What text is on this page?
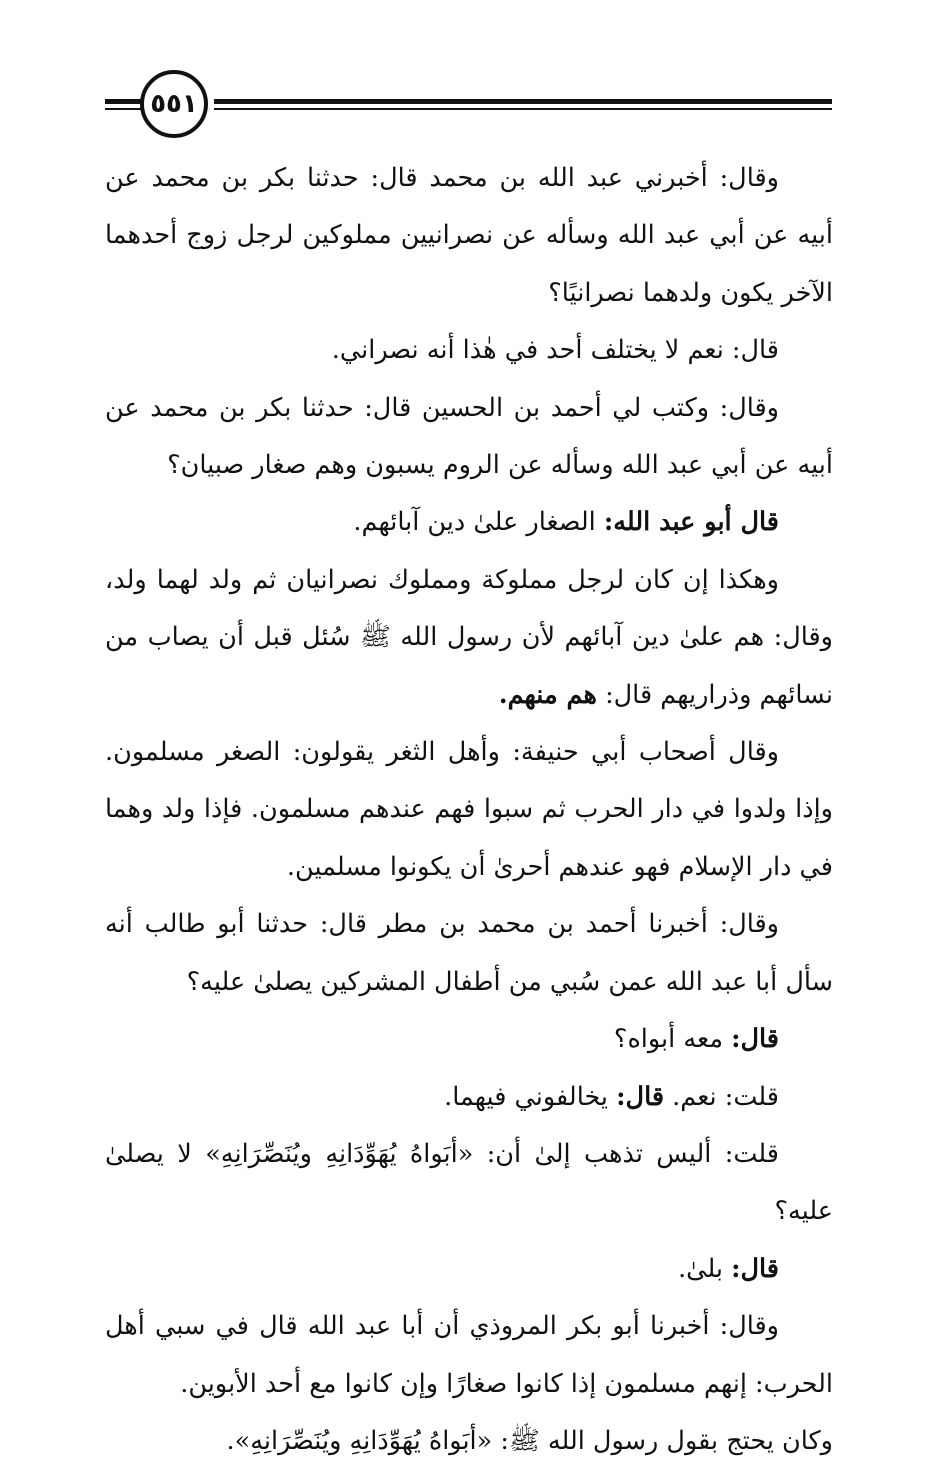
٥٥١

وقال: أخبرني عبد الله بن محمد قال: حدثنا بكر بن محمد عن أبيه عن أبي عبد الله وسأله عن نصرانيين مملوكين لرجل زوج أحدهما الآخر يكون ولدهما نصرانيًا؟

قال: نعم لا يختلف أحد في هٰذا أنه نصراني.

وقال: وكتب لي أحمد بن الحسين قال: حدثنا بكر بن محمد عن أبيه عن أبي عبد الله وسأله عن الروم يسبون وهم صغار صبيان؟

قال أبو عبد الله: الصغار علىٰ دين آبائهم.

وهكذا إن كان لرجل مملوكة ومملوك نصرانيان ثم ولد لهما ولد، وقال: هم علىٰ دين آبائهم لأن رسول الله ﷺ سُئل قبل أن يصاب من نسائهم وذراريهم قال: هم منهم.

وقال أصحاب أبي حنيفة: وأهل الثغر يقولون: الصغر مسلمون. وإذا ولدوا في دار الحرب ثم سبوا فهم عندهم مسلمون. فإذا ولد وهما في دار الإسلام فهو عندهم أحرىٰ أن يكونوا مسلمين.

وقال: أخبرنا أحمد بن محمد بن مطر قال: حدثنا أبو طالب أنه سأل أبا عبد الله عمن سُبي من أطفال المشركين يصلىٰ عليه؟

قال: معه أبواه؟

قلت: نعم. قال: يخالفوني فيهما.

قلت: أليس تذهب إلىٰ أن: «أبَواهُ يُهَوِّدَانِهِ ويُنَصِّرَانِهِ» لا يصلىٰ عليه؟

قال: بلىٰ.

وقال: أخبرنا أبو بكر المروذي أن أبا عبد الله قال في سبي أهل الحرب: إنهم مسلمون إذا كانوا صغارًا وإن كانوا مع أحد الأبوين.

وكان يحتج بقول رسول الله ﷺ: «أبَواهُ يُهَوِّدَانِهِ ويُنَصِّرَانِهِ».
